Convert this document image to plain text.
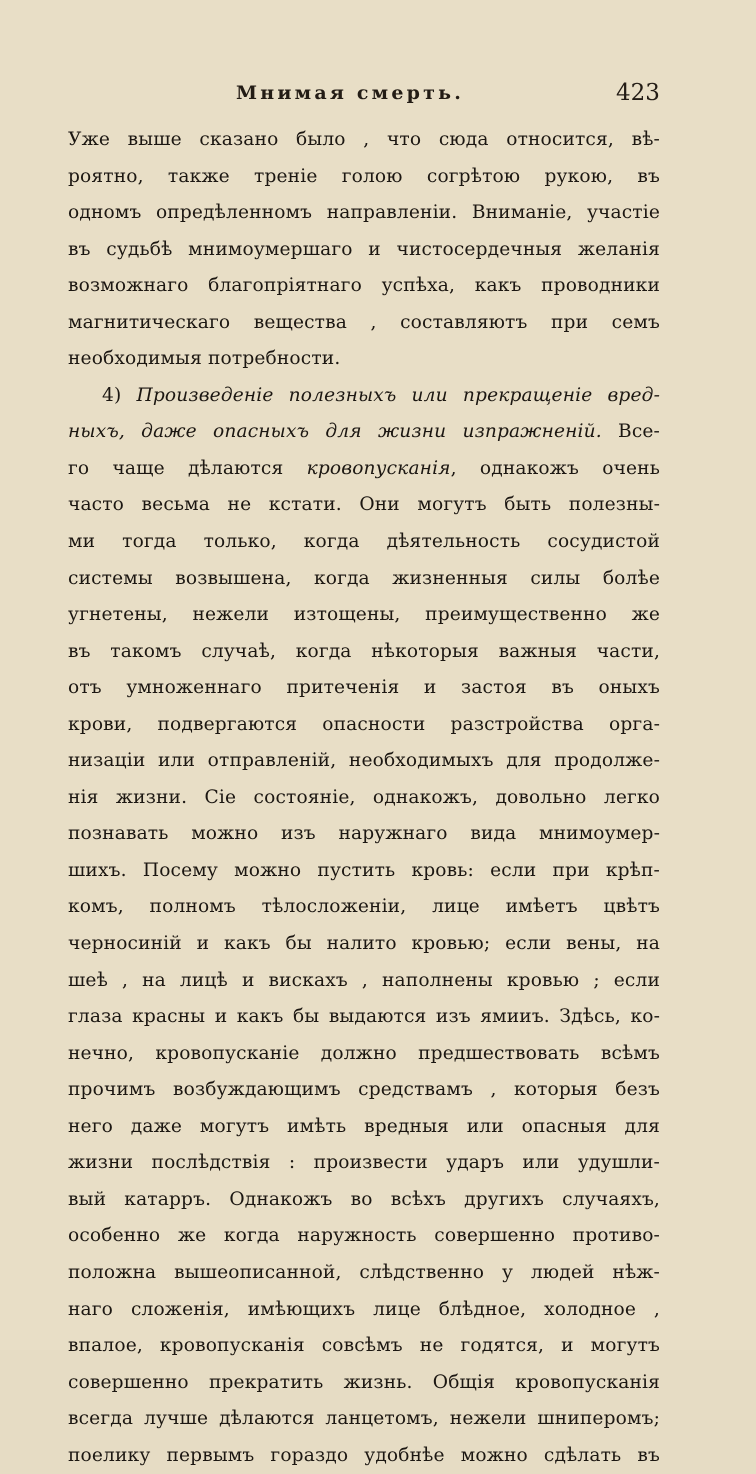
Мнимая смерть.	423
Уже выше сказано было , что сюда относится, вѣ-
роятно, также треніе голою согрѣтою рукою, въ
одномъ опредѣленномъ направленіи. Вниманіе, участіе
въ судьбѣ мнимоумершаго и чистосердечныя желанія
возможнаго благопріятнаго успѣха, какъ проводники
магнитическаго вещества , составляютъ при семъ
необходимыя потребности.
4) Произведеніе полезныхъ или прекращеніе вред-
ныхъ, даже опасныхъ для жизни изпражненій. Все-
го чаще дѣлаются кровопусканія, однакожъ очень
часто весьма не кстати. Они могутъ быть полезны-
ми тогда только, когда дѣятельность сосудистой
системы возвышена, когда жизненныя силы болѣе
угнетены, нежели изтощены, преимущественно же
въ такомъ случаѣ, когда нѣкоторыя важныя части,
отъ умноженнаго притеченія и застоя въ оныхъ
крови, подвергаются опасности разстройства орга-
низаціи или отправленій, необходимыхъ для продолже-
нія жизни. Сіе состояніе, однакожъ, довольно легко
познавать можно изъ наружнаго вида мнимоумер-
шихъ. Посему можно пустить кровь: если при крѣп-
комъ, полномъ тѣлосложеніи, лице имѣетъ цвѣтъ
черносиній и какъ бы налито кровью; если вены, на
шеѣ , на лицѣ и вискахъ , наполнены кровью ; если
глаза красны и какъ бы выдаются изъ ямииъ. Здѣсь, ко-
нечно, кровопусканіе должно предшествовать всѣмъ
прочимъ возбуждающимъ средствамъ , которыя безъ
него даже могутъ имѣть вредныя или опасныя для
жизни послѣдствія : произвести ударъ или удушли-
вый катарръ. Однакожъ во всѣхъ другихъ случаяхъ,
особенно же когда наружность совершенно противо-
положна вышеописанной, слѣдственно у людей нѣж-
наго сложенія, имѣющихъ лице блѣдное, холодное ,
впалое, кровопусканія совсѣмъ не годятся, и могутъ
совершенно прекратить жизнь. Общія кровопусканія
всегда лучше дѣлаются ланцетомъ, нежели шниперомъ;
поелику первымъ гораздо удобнѣе можно сдѣлать въ
